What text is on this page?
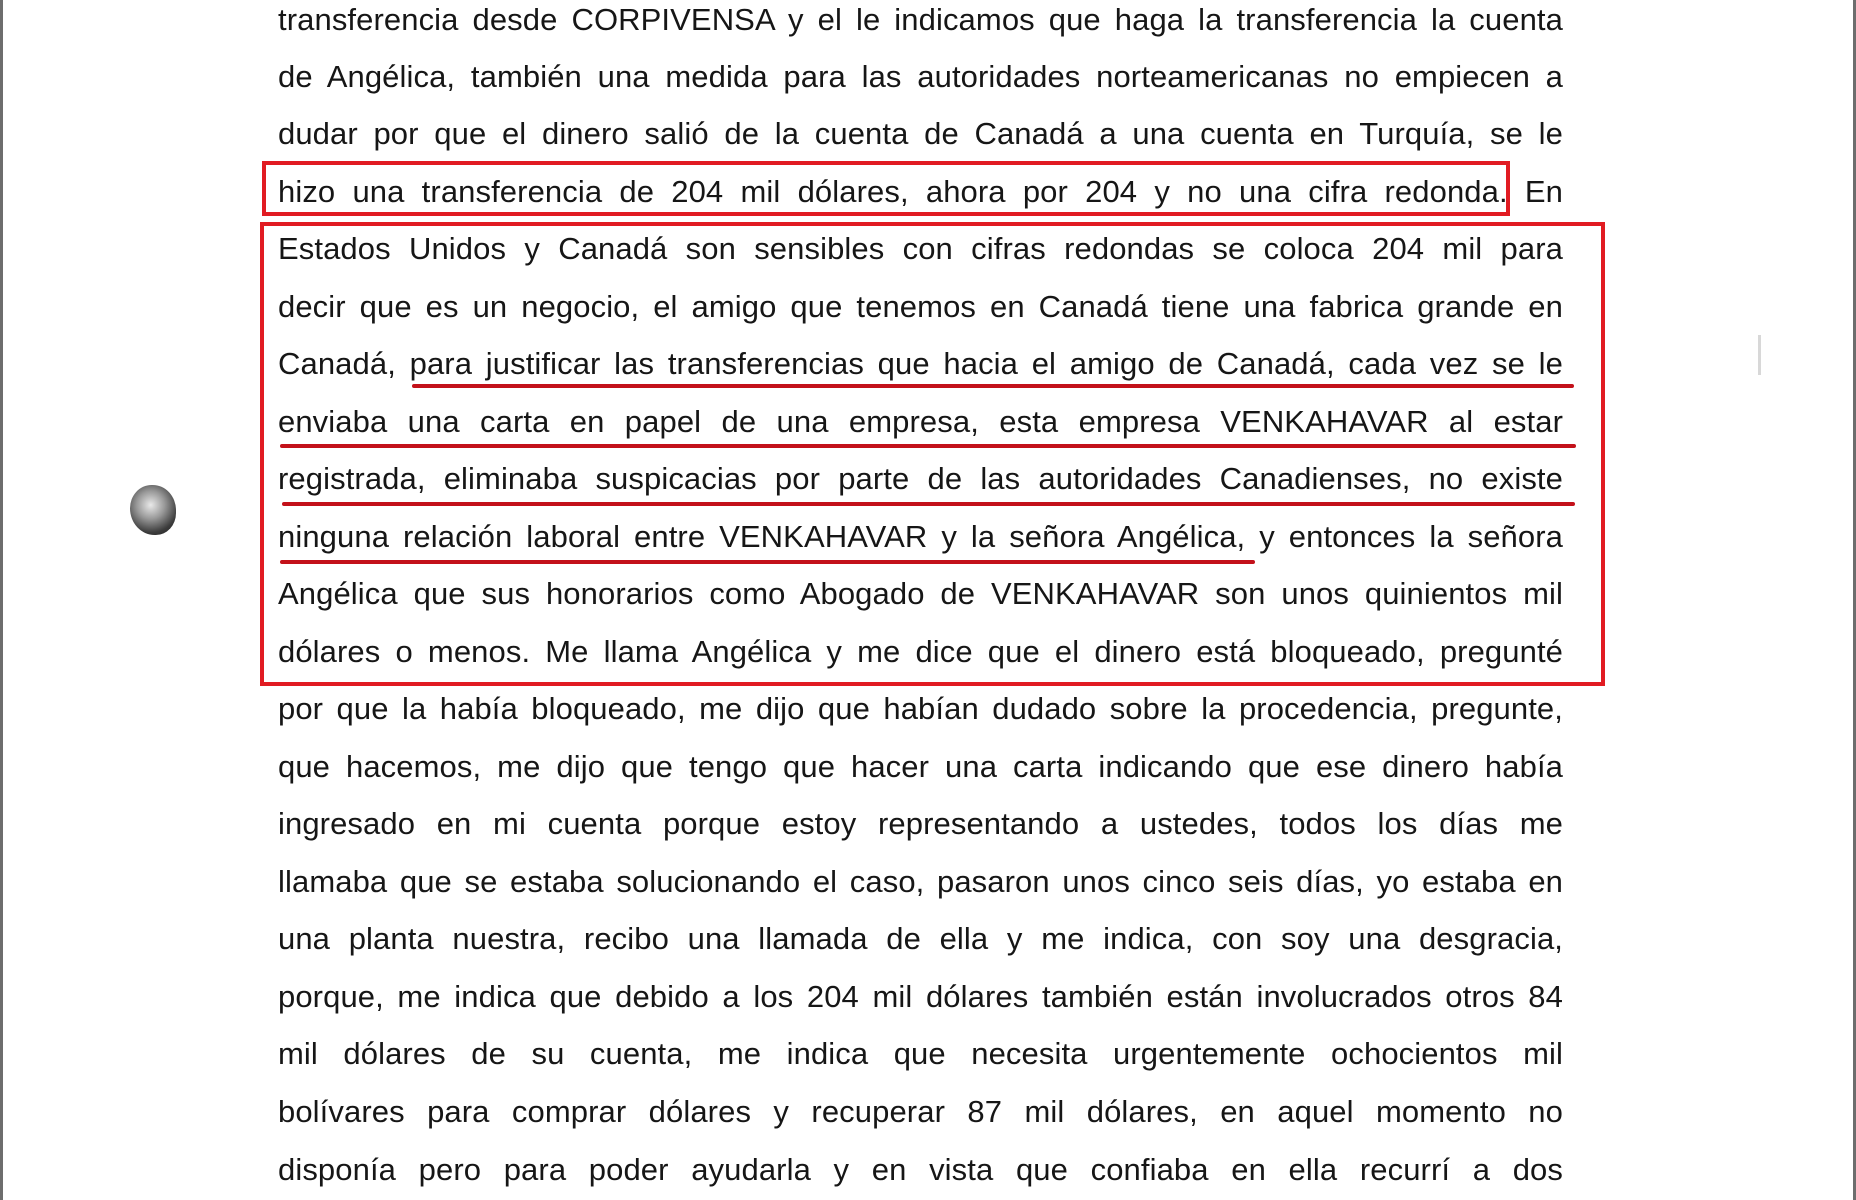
transferencia desde CORPIVENSA y el le indicamos que haga la transferencia la cuenta
de Angélica, también una medida para las autoridades norteamericanas no empiecen a
dudar por que el dinero salió de la cuenta de Canadá a una cuenta en Turquía, se le
hizo una transferencia de 204 mil dólares, ahora por 204 y no una cifra redonda. En
Estados Unidos y Canadá son sensibles con cifras redondas se coloca 204 mil para
decir que es un negocio, el amigo que tenemos en Canadá tiene una fabrica grande en
Canadá, para justificar las transferencias que hacia el amigo de Canadá, cada vez se le
enviaba una carta en papel de una empresa, esta empresa VENKAHAVAR al estar
registrada, eliminaba suspicacias por parte de las autoridades Canadienses, no existe
ninguna relación laboral entre VENKAHAVAR y la señora Angélica, y entonces la señora
Angélica que sus honorarios como Abogado de VENKAHAVAR son unos quinientos mil
dólares o menos. Me llama Angélica y me dice que el dinero está bloqueado, pregunté
por que la había bloqueado, me dijo que habían dudado sobre la procedencia, pregunte,
que hacemos, me dijo que tengo que hacer una carta indicando que ese dinero había
ingresado en mi cuenta porque estoy representando a ustedes, todos los días me
llamaba que se estaba solucionando el caso, pasaron unos cinco seis días, yo estaba en
una planta nuestra, recibo una llamada de ella y me indica, con soy una desgracia,
porque, me indica que debido a los 204 mil dólares también están involucrados otros 84
mil dólares de su cuenta, me indica que necesita urgentemente ochocientos mil
bolívares para comprar dólares y recuperar 87 mil dólares, en aquel momento no
disponía pero para poder ayudarla y en vista que confiaba en ella recurrí a dos
